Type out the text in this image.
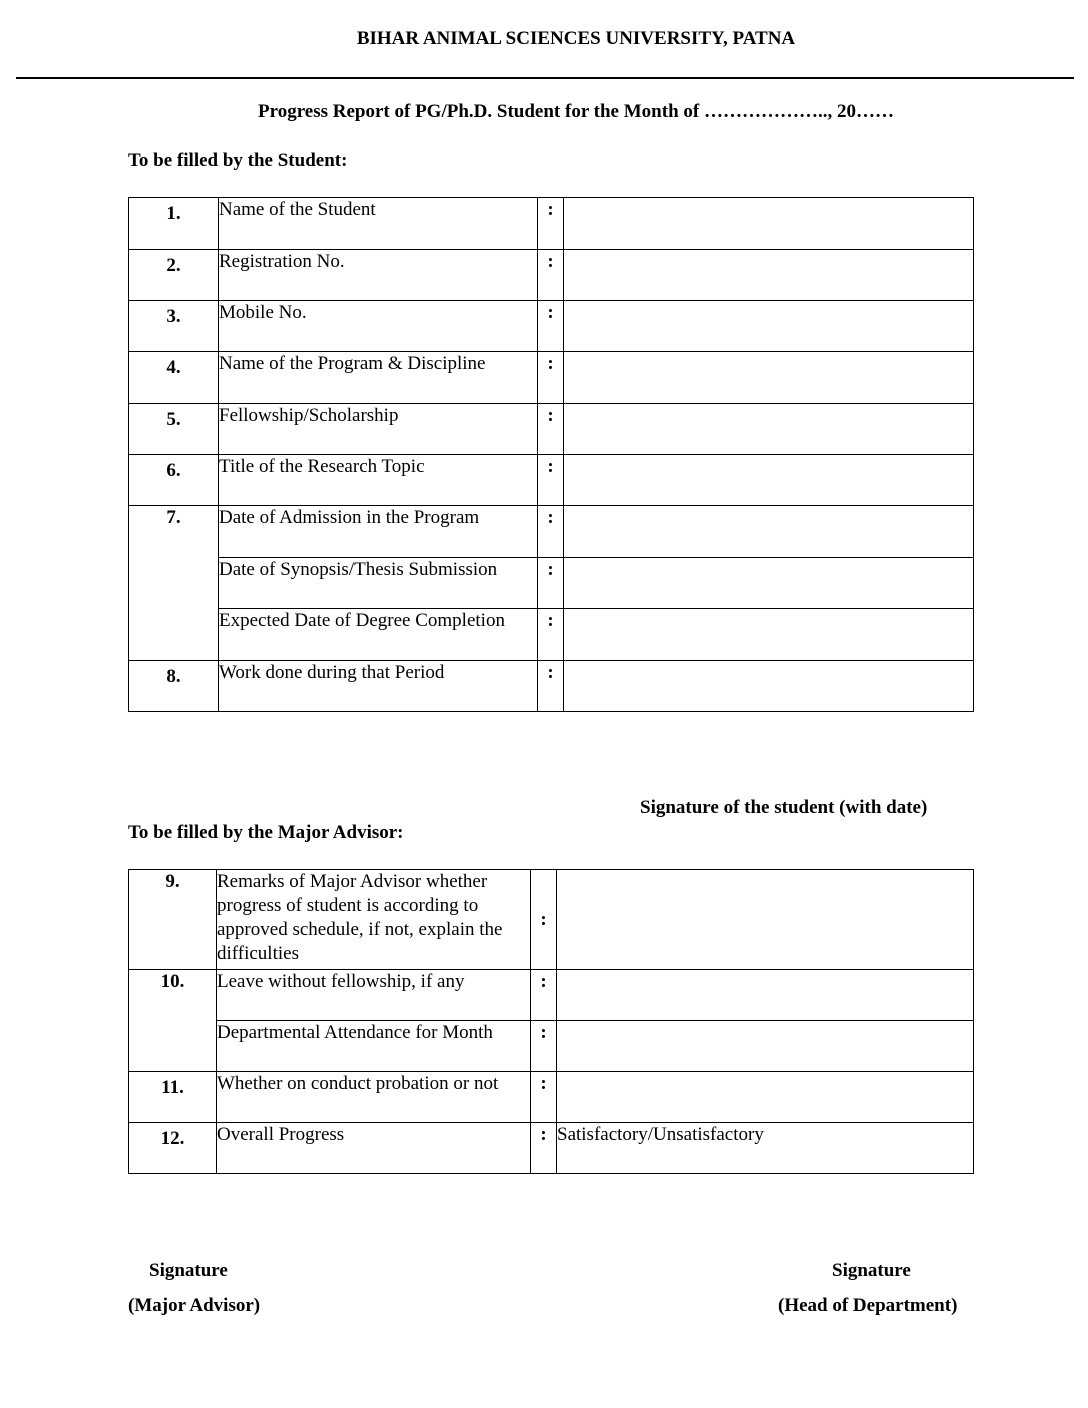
BIHAR ANIMAL SCIENCES UNIVERSITY, PATNA
Progress Report of PG/Ph.D. Student for the Month of ……………….., 20……
To be filled by the Student:
1.	Name of the Student	:	
2.	Registration No.	:	
3.	Mobile No.	:	
4.	Name of the Program & Discipline	:	
5.	Fellowship/Scholarship	:	
6.	Title of the Research Topic	:	
7.	Date of Admission in the Program	:	
	Date of Synopsis/Thesis Submission	:	
	Expected Date of Degree Completion	:	
8.	Work done during that Period	:	
Signature of the student (with date)
To be filled by the Major Advisor:
9.	Remarks of Major Advisor whether progress of student is according to approved schedule, if not, explain the difficulties	:	
10.	Leave without fellowship, if any	:	
	Departmental Attendance for Month	:	
11.	Whether on conduct probation or not	:	
12.	Overall Progress	:	Satisfactory/Unsatisfactory
Signature
(Major Advisor)
Signature
(Head of Department)
